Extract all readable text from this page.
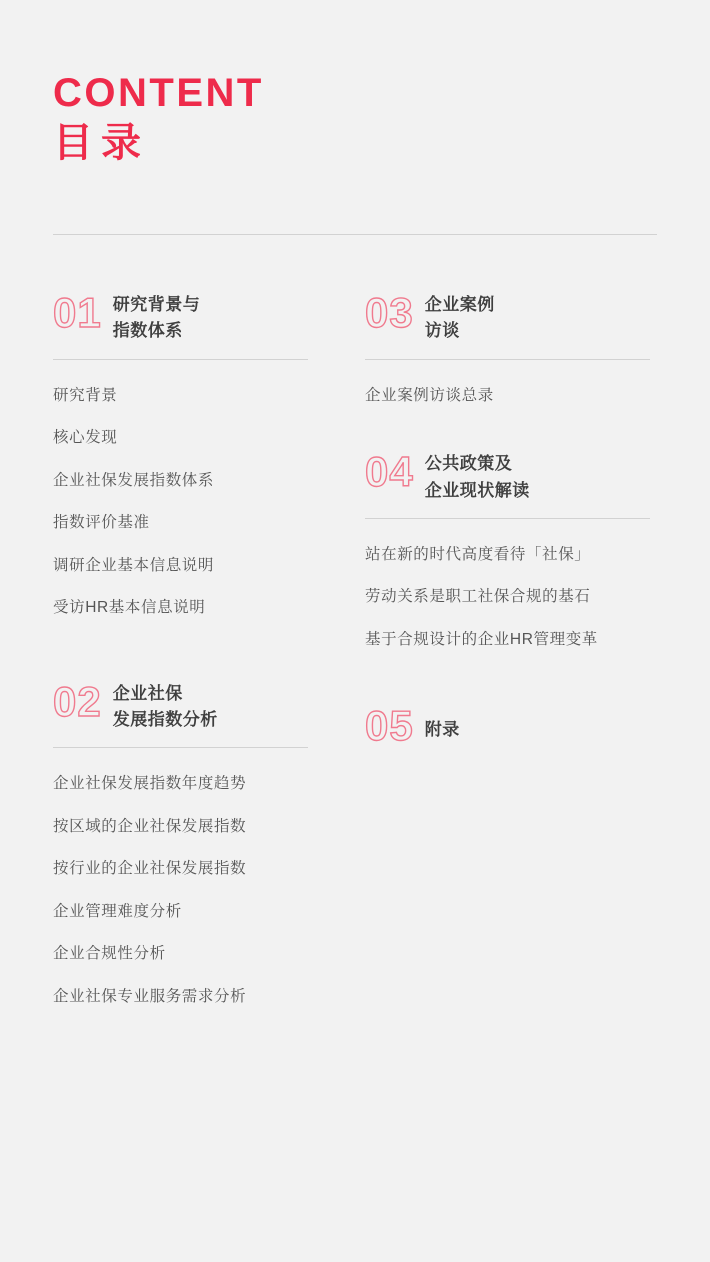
CONTENT
目录
01 研究背景与
指数体系
研究背景
核心发现
企业社保发展指数体系
指数评价基准
调研企业基本信息说明
受访HR基本信息说明
02 企业社保
发展指数分析
企业社保发展指数年度趋势
按区域的企业社保发展指数
按行业的企业社保发展指数
企业管理难度分析
企业合规性分析
企业社保专业服务需求分析
03 企业案例
访谈
企业案例访谈总录
04 公共政策及
企业现状解读
站在新的时代高度看待「社保」
劳动关系是职工社保合规的基石
基于合规设计的企业HR管理变革
05 附录
